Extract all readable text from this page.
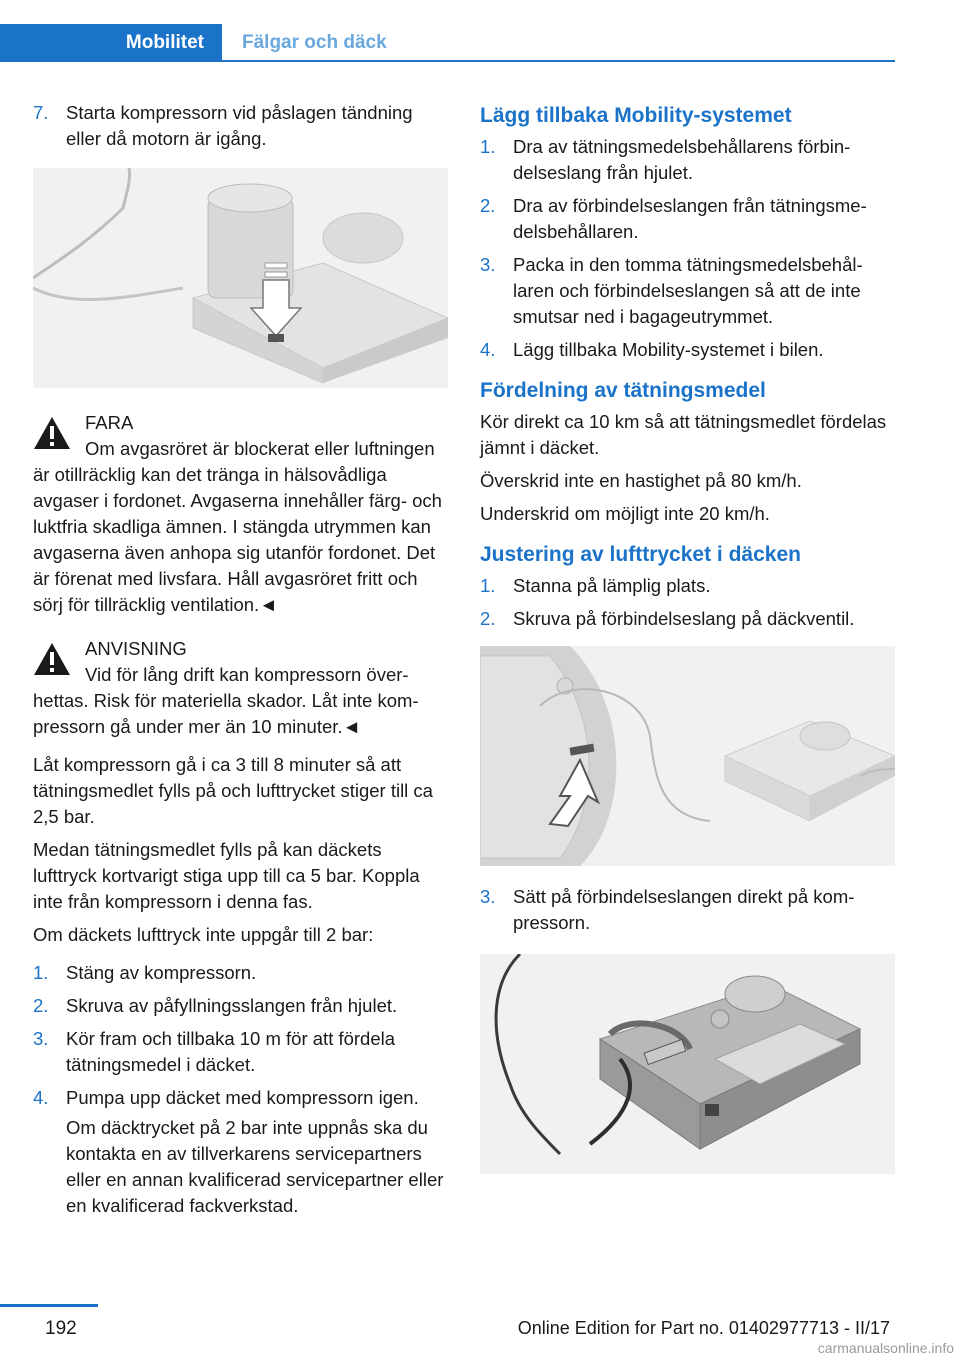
Mobilitet	Fälgar och däck
7. Starta kompressorn vid påslagen tändning eller då motorn är igång.
FARA
Om avgasröret är blockerat eller luftningen är otillräcklig kan det tränga in hälsovådliga avgaser i fordonet. Avgaserna innehåller färg- och luktfria skadliga ämnen. I stängda utrymmen kan avgaserna även anhopa sig utanför fordonet. Det är förenat med livsfara. Håll avgasröret fritt och sörj för tillräcklig ventilation.◄
ANVISNING
Vid för lång drift kan kompressorn överhettas. Risk för materiella skador. Låt inte kompressorn gå under mer än 10 minuter.◄

Låt kompressorn gå i ca 3 till 8 minuter så att tätningsmedlet fylls på och lufttrycket stiger till ca 2,5 bar.

Medan tätningsmedlet fylls på kan däckets lufttryck kortvarigt stiga upp till ca 5 bar. Koppla inte från kompressorn i denna fas.

Om däckets lufttryck inte uppgår till 2 bar:

1. Stäng av kompressorn.
2. Skruva av påfyllningsslangen från hjulet.
3. Kör fram och tillbaka 10 m för att fördela tätningsmedel i däcket.
4. Pumpa upp däcket med kompressorn igen.
Om däcktrycket på 2 bar inte uppnås ska du kontakta en av tillverkarens servicepartners eller en annan kvalificerad servicepartner eller en kvalificerad fackverkstad.
Lägg tillbaka Mobility-systemet
1. Dra av tätningsmedelsbehållarens förbindelseslang från hjulet.
2. Dra av förbindelseslangen från tätningsmedelsbehållaren.
3. Packa in den tomma tätningsmedelsbehållaren och förbindelseslangen så att de inte smutsar ned i bagageutrymmet.
4. Lägg tillbaka Mobility-systemet i bilen.
Fördelning av tätningsmedel

Kör direkt ca 10 km så att tätningsmedlet fördelas jämnt i däcket.

Överskrid inte en hastighet på 80 km/h.

Underskrid om möjligt inte 20 km/h.

Justering av lufttrycket i däcken
1. Stanna på lämplig plats.
2. Skruva på förbindelseslang på däckventil.
3. Sätt på förbindelseslangen direkt på kompressorn.
192	Online Edition for Part no. 01402977713 - II/17
carmanualsonline.info
